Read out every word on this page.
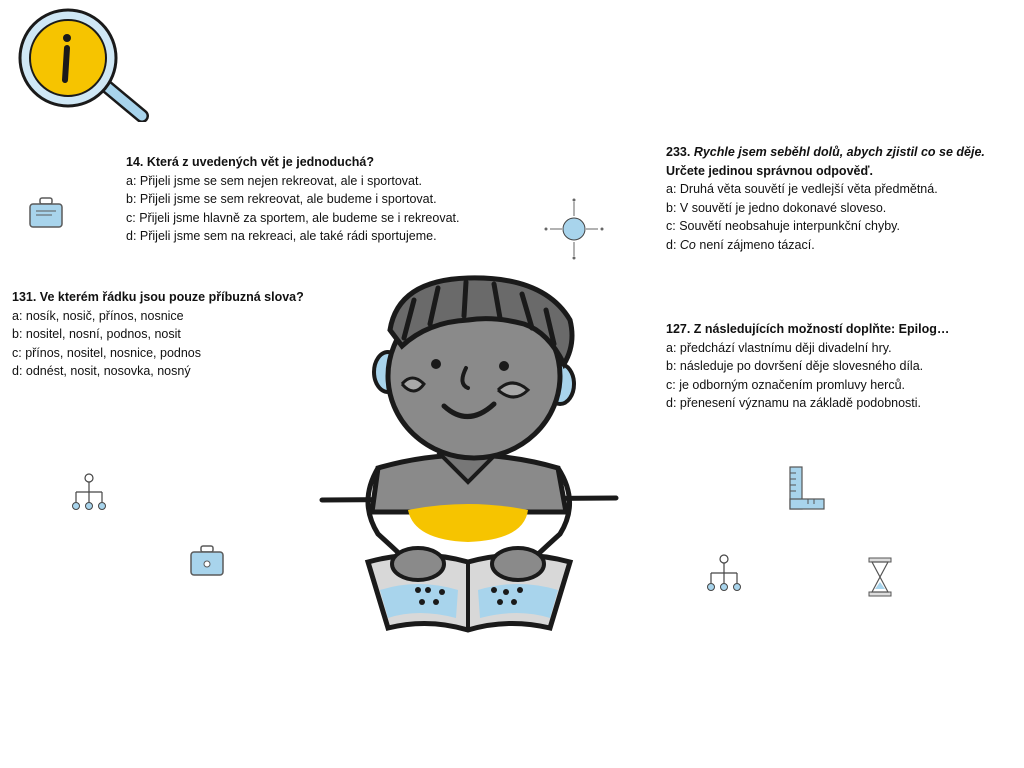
14. Která z uvedených vět je jednoduchá?
a: Přijeli jsme se sem nejen rekreovat, ale i sportovat.
b: Přijeli jsme se sem rekreovat, ale budeme i sportovat.
c: Přijeli jsme hlavně za sportem, ale budeme se i rekreovat.
d: Přijeli jsme sem na rekreaci, ale také rádi sportujeme.
233. Rychle jsem seběhl dolů, abych zjistil co se děje.
Určete jedinou správnou odpověď.
a: Druhá věta souvětí je vedlejší věta předmětná.
b: V souvětí je jedno dokonavé sloveso.
c: Souvětí neobsahuje interpunkční chyby.
d: Co není zájmeno tázací.
131. Ve kterém řádku jsou pouze příbuzná slova?
a: nosík, nosič, přínos, nosnice
b: nositel, nosní, podnos, nosit
c: přínos, nositel, nosnice, podnos
d: odnést, nosit, nosovka, nosný
127. Z následujících možností doplňte: Epilog…
a: předchází vlastnímu ději divadelní hry.
b: následuje po dovršení děje slovesného díla.
c: je odborným označením promluvy herců.
d: přenesení významu na základě podobnosti.
